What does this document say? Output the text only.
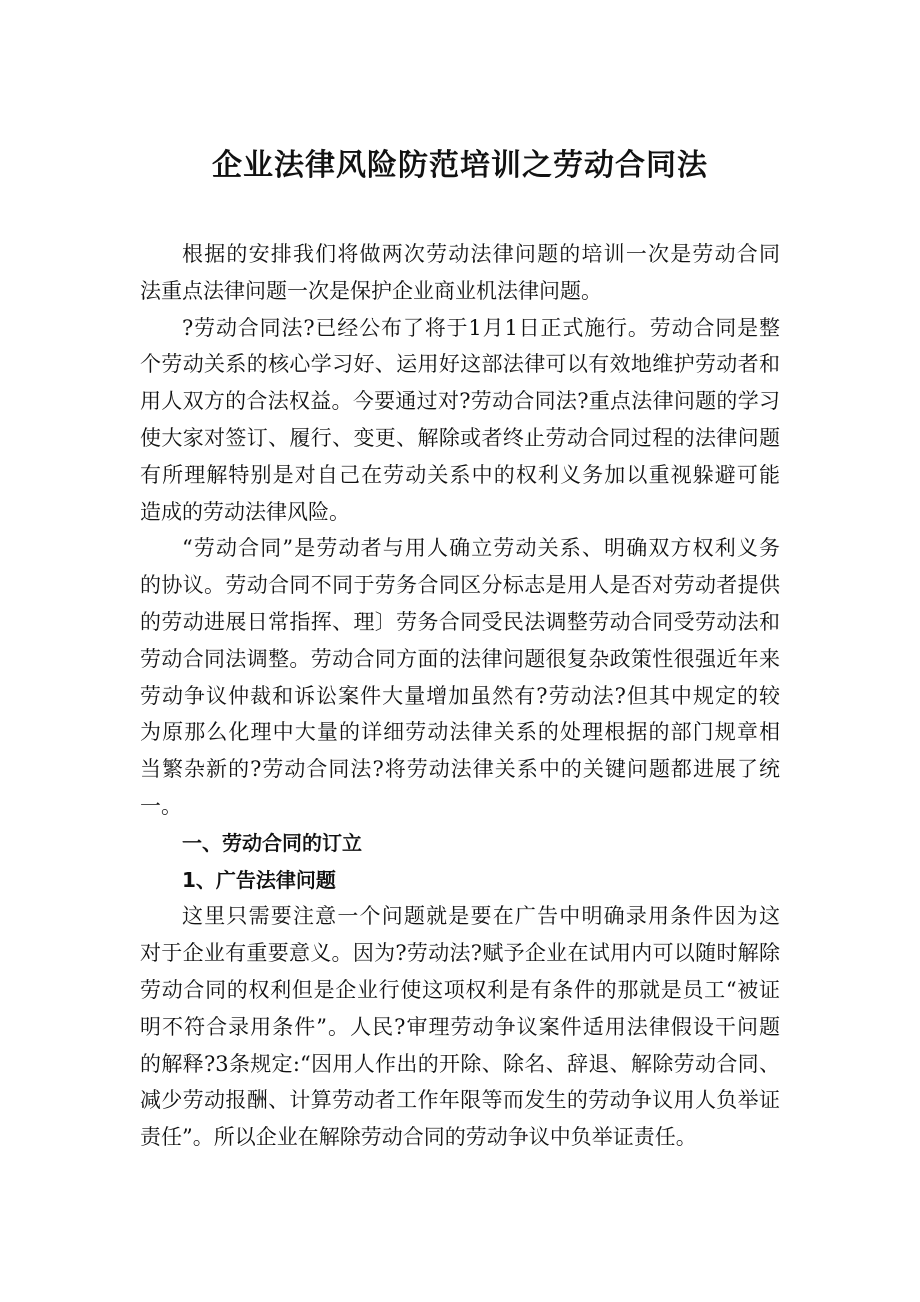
企业法律风险防范培训之劳动合同法
根据的安排我们将做两次劳动法律问题的培训一次是劳动合同
法重点法律问题一次是保护企业商业机法律问题。
?劳动合同法?已经公布了将于1月1日正式施行。劳动合同是整
个劳动关系的核心学习好、运用好这部法律可以有效地维护劳动者和
用人双方的合法权益。今要通过对?劳动合同法?重点法律问题的学习
使大家对签订、履行、变更、解除或者终止劳动合同过程的法律问题
有所理解特别是对自己在劳动关系中的权利义务加以重视躲避可能
造成的劳动法律风险。
“劳动合同”是劳动者与用人确立劳动关系、明确双方权利义务
的协议。劳动合同不同于劳务合同区分标志是用人是否对劳动者提供
的劳动进展日常指挥、理〕劳务合同受民法调整劳动合同受劳动法和
劳动合同法调整。劳动合同方面的法律问题很复杂政策性很强近年来
劳动争议仲裁和诉讼案件大量增加虽然有?劳动法?但其中规定的较
为原那么化理中大量的详细劳动法律关系的处理根据的部门规章相
当繁杂新的?劳动合同法?将劳动法律关系中的关键问题都进展了统
一。
一、劳动合同的订立
1、广告法律问题
这里只需要注意一个问题就是要在广告中明确录用条件因为这
对于企业有重要意义。因为?劳动法?赋予企业在试用内可以随时解除
劳动合同的权利但是企业行使这项权利是有条件的那就是员工“被证
明不符合录用条件”。人民?审理劳动争议案件适用法律假设干问题
的解释?3条规定:“因用人作出的开除、除名、辞退、解除劳动合同、
减少劳动报酬、计算劳动者工作年限等而发生的劳动争议用人负举证
责任”。所以企业在解除劳动合同的劳动争议中负举证责任。
